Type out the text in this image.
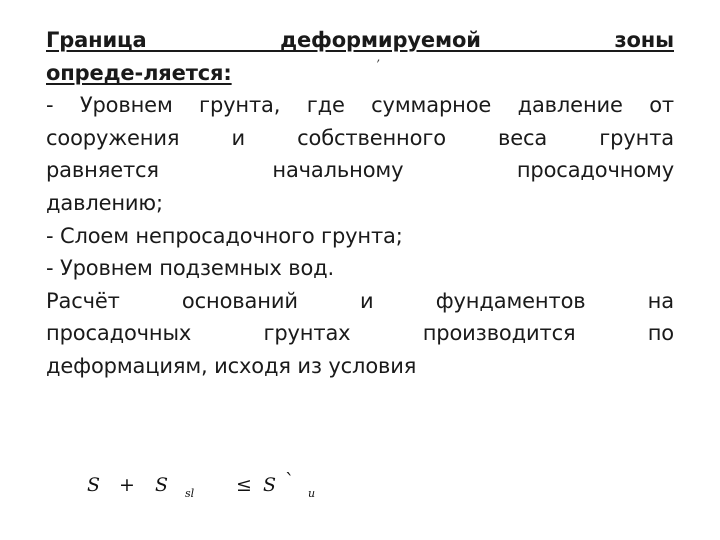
,

Граница деформируемой зоны

опреде-ляется:

- Уровнем грунта, где суммарное давление от

сооружения и собственного веса грунта

равняется начальному просадочному

давлению;

- Слоем непросадочного грунта;

- Уровнем подземных вод.

Расчёт оснований и фундаментов на

просадочных грунтах производится по

деформациям, исходя из условия

S + S sl ≤ S `
u
